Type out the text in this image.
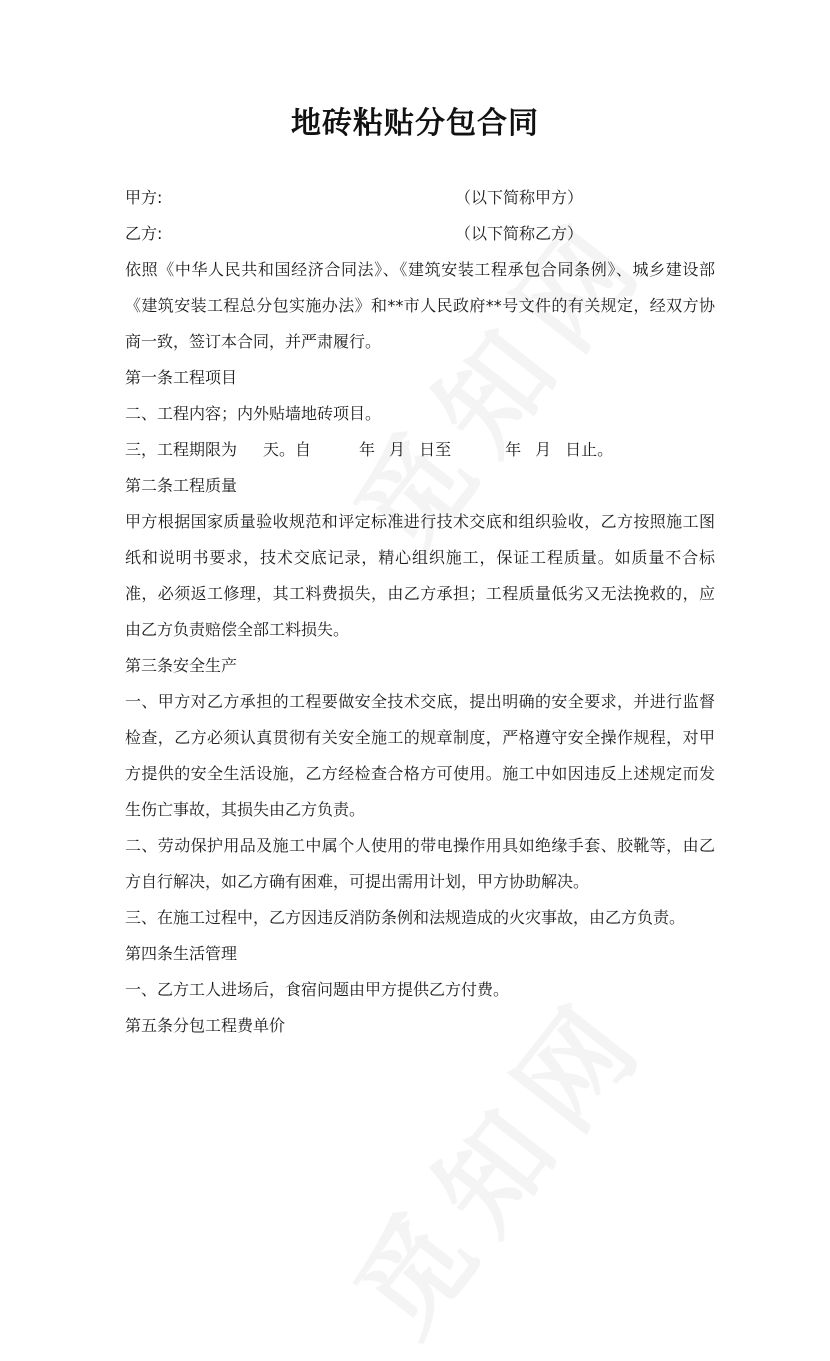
地砖粘贴分包合同
甲方:	（以下简称甲方）
乙方:	（以下简称乙方）

依照《中华人民共和国经济合同法》、《建筑安装工程承包合同条例》、城乡建设部《建筑安装工程总分包实施办法》和**市人民政府**号文件的有关规定，经双方协商一致，签订本合同，并严肃履行。

第一条工程项目

二、工程内容；内外贴墙地砖项目。

三，工程期限为 天。自	年 月 日至	年 月 日止。

第二条工程质量

甲方根据国家质量验收规范和评定标准进行技术交底和组织验收，乙方按照施工图纸和说明书要求，技术交底记录，精心组织施工，保证工程质量。如质量不合标准，必须返工修理，其工料费损失，由乙方承担；工程质量低劣又无法挽救的，应由乙方负责赔偿全部工料损失。

第三条安全生产

一、甲方对乙方承担的工程要做安全技术交底，提出明确的安全要求，并进行监督检查，乙方必须认真贯彻有关安全施工的规章制度，严格遵守安全操作规程，对甲方提供的安全生活设施，乙方经检查合格方可使用。施工中如因违反上述规定而发生伤亡事故，其损失由乙方负责。

二、劳动保护用品及施工中属个人使用的带电操作用具如绝缘手套、胶靴等，由乙方自行解决，如乙方确有困难，可提出需用计划，甲方协助解决。

三、在施工过程中，乙方因违反消防条例和法规造成的火灾事故，由乙方负责。

第四条生活管理

一、乙方工人进场后，食宿问题由甲方提供乙方付费。

第五条分包工程费单价
